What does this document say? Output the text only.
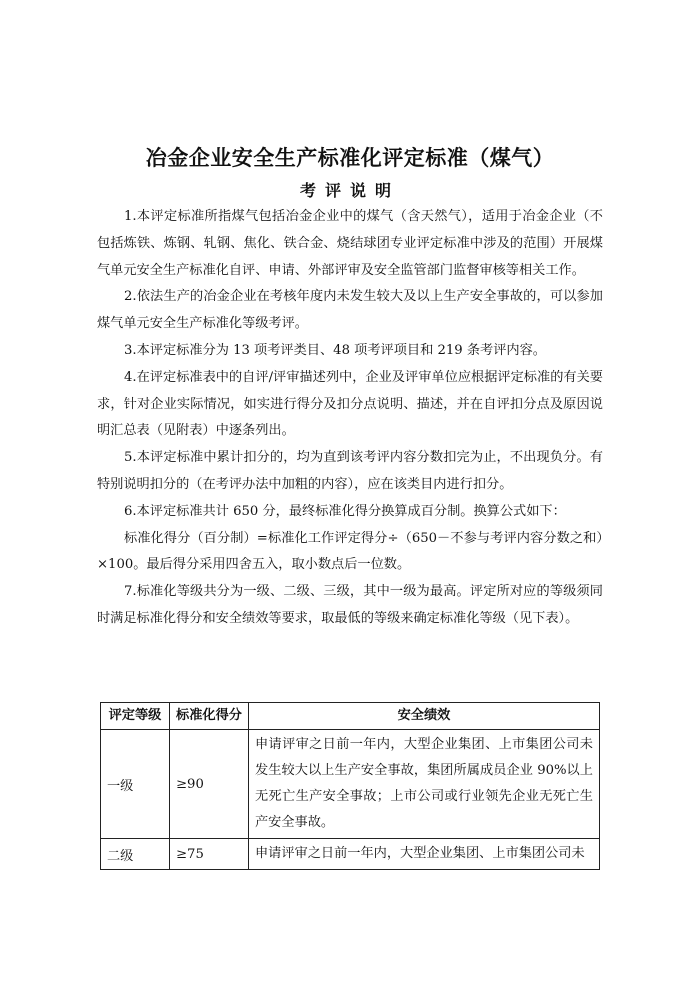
冶金企业安全生产标准化评定标准（煤气）
考评说明

1.本评定标准所指煤气包括冶金企业中的煤气（含天然气），适用于冶金企业（不包括炼铁、炼钢、轧钢、焦化、铁合金、烧结球团专业评定标准中涉及的范围）开展煤气单元安全生产标准化自评、申请、外部评审及安全监管部门监督审核等相关工作。

2.依法生产的冶金企业在考核年度内未发生较大及以上生产安全事故的，可以参加煤气单元安全生产标准化等级考评。

3.本评定标准分为 13 项考评类目、48 项考评项目和 219 条考评内容。

4.在评定标准表中的自评/评审描述列中，企业及评审单位应根据评定标准的有关要求，针对企业实际情况，如实进行得分及扣分点说明、描述，并在自评扣分点及原因说明汇总表（见附表）中逐条列出。

5.本评定标准中累计扣分的，均为直到该考评内容分数扣完为止，不出现负分。有特别说明扣分的（在考评办法中加粗的内容），应在该类目内进行扣分。

6.本评定标准共计 650 分，最终标准化得分换算成百分制。换算公式如下：

标准化得分（百分制）=标准化工作评定得分÷（650－不参与考评内容分数之和）×100。最后得分采用四舍五入，取小数点后一位数。

7.标准化等级共分为一级、二级、三级，其中一级为最高。评定所对应的等级须同时满足标准化得分和安全绩效等要求，取最低的等级来确定标准化等级（见下表）。

评定等级	标准化得分	安全绩效
一级	≥90	申请评审之日前一年内，大型企业集团、上市集团公司未发生较大以上生产安全事故，集团所属成员企业 90%以上无死亡生产安全事故；上市公司或行业领先企业无死亡生产安全事故。
二级	≥75	申请评审之日前一年内，大型企业集团、上市集团公司未
